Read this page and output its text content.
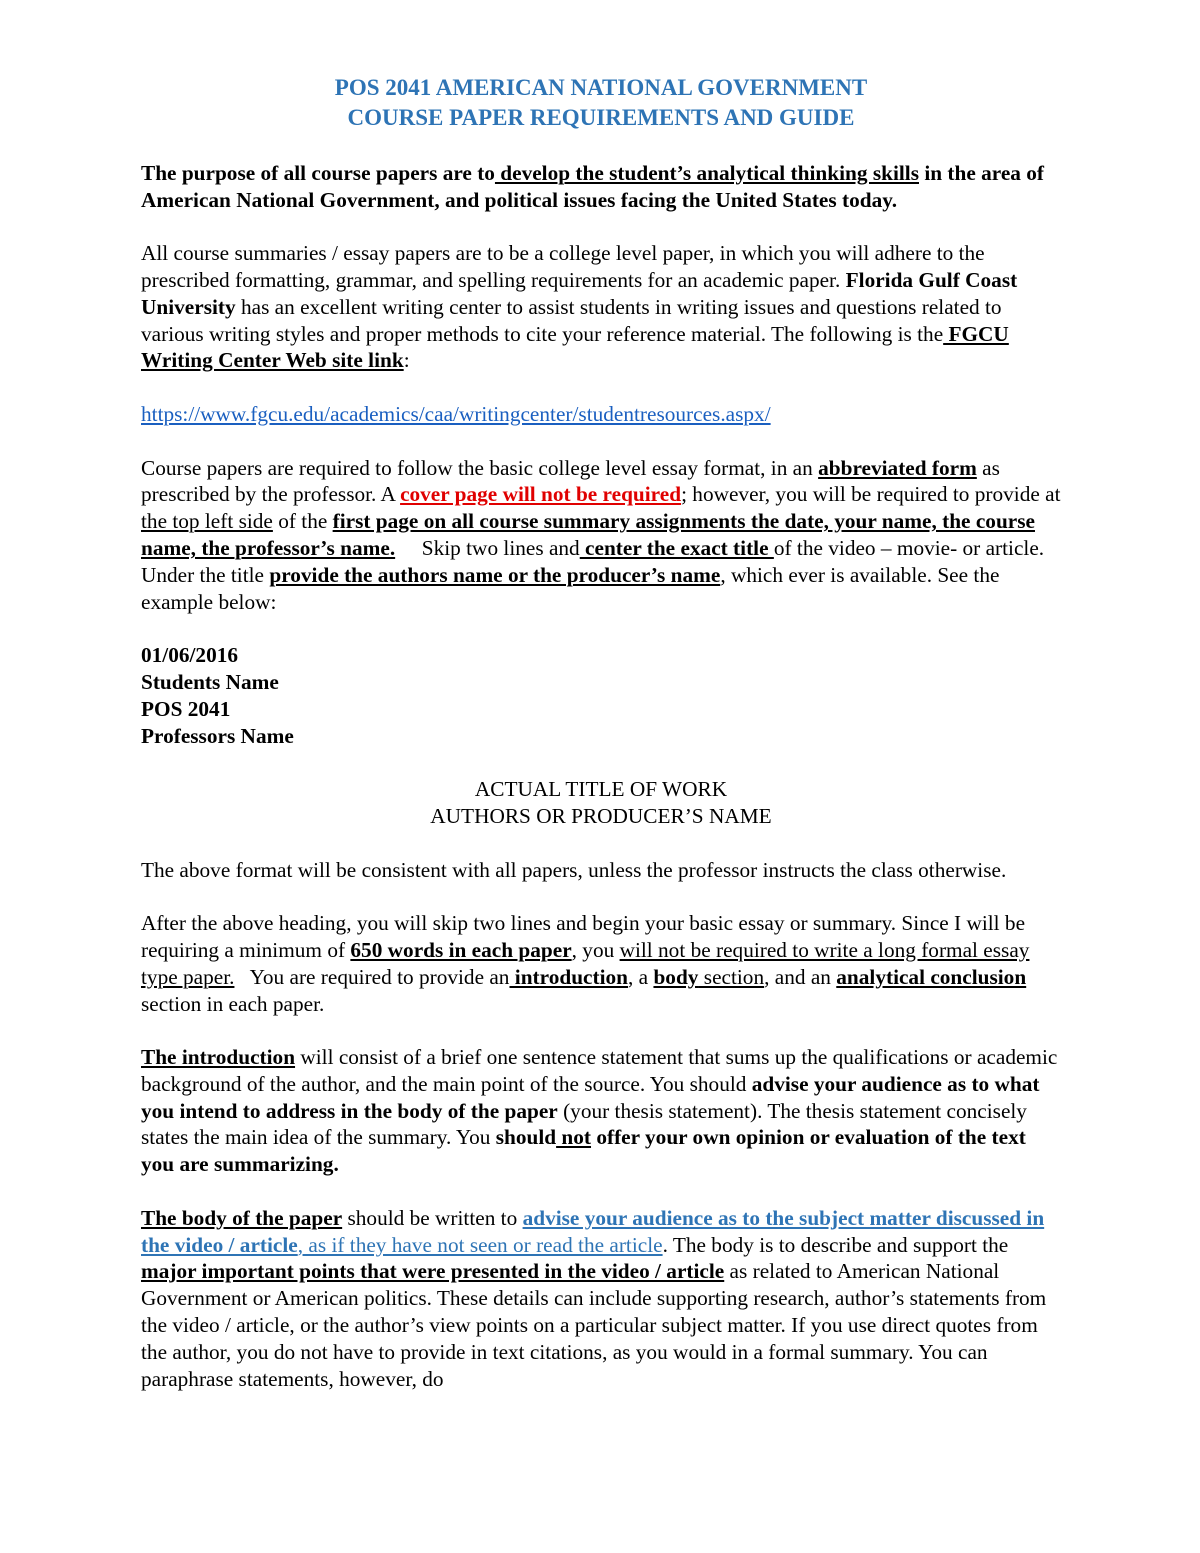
POS 2041 AMERICAN NATIONAL GOVERNMENT

COURSE PAPER REQUIREMENTS AND GUIDE

The purpose of all course papers are to develop the student’s analytical thinking skills in the area of American National Government, and political issues facing the United States today.

All course summaries / essay papers are to be a college level paper, in which you will adhere to the prescribed formatting, grammar, and spelling requirements for an academic paper. Florida Gulf Coast University has an excellent writing center to assist students in writing issues and questions related to various writing styles and proper methods to cite your reference material. The following is the FGCU Writing Center Web site link:

https://www.fgcu.edu/academics/caa/writingcenter/studentresources.aspx/

Course papers are required to follow the basic college level essay format, in an abbreviated form as prescribed by the professor. A cover page will not be required; however, you will be required to provide at the top left side of the first page on all course summary assignments the date, your name, the course name, the professor’s name.     Skip two lines and center the exact title of the video – movie- or article. Under the title provide the authors name or the producer’s name, which ever is available. See the example below:

01/06/2016

Students Name

POS 2041

Professors Name

ACTUAL TITLE OF WORK

AUTHORS OR PRODUCER’S NAME

The above format will be consistent with all papers, unless the professor instructs the class otherwise.

After the above heading, you will skip two lines and begin your basic essay or summary. Since I will be requiring a minimum of 650 words in each paper, you will not be required to write a long formal essay type paper.   You are required to provide an introduction, a body section, and an analytical conclusion section in each paper.

The introduction will consist of a brief one sentence statement that sums up the qualifications or academic background of the author, and the main point of the source. You should advise your audience as to what you intend to address in the body of the paper (your thesis statement). The thesis statement concisely states the main idea of the summary. You should not offer your own opinion or evaluation of the text you are summarizing.

The body of the paper should be written to advise your audience as to the subject matter discussed in the video / article, as if they have not seen or read the article. The body is to describe and support the major important points that were presented in the video / article as related to American National Government or American politics. These details can include supporting research, author’s statements from the video / article, or the author’s view points on a particular subject matter. If you use direct quotes from the author, you do not have to provide in text citations, as you would in a formal summary. You can paraphrase statements, however, do
